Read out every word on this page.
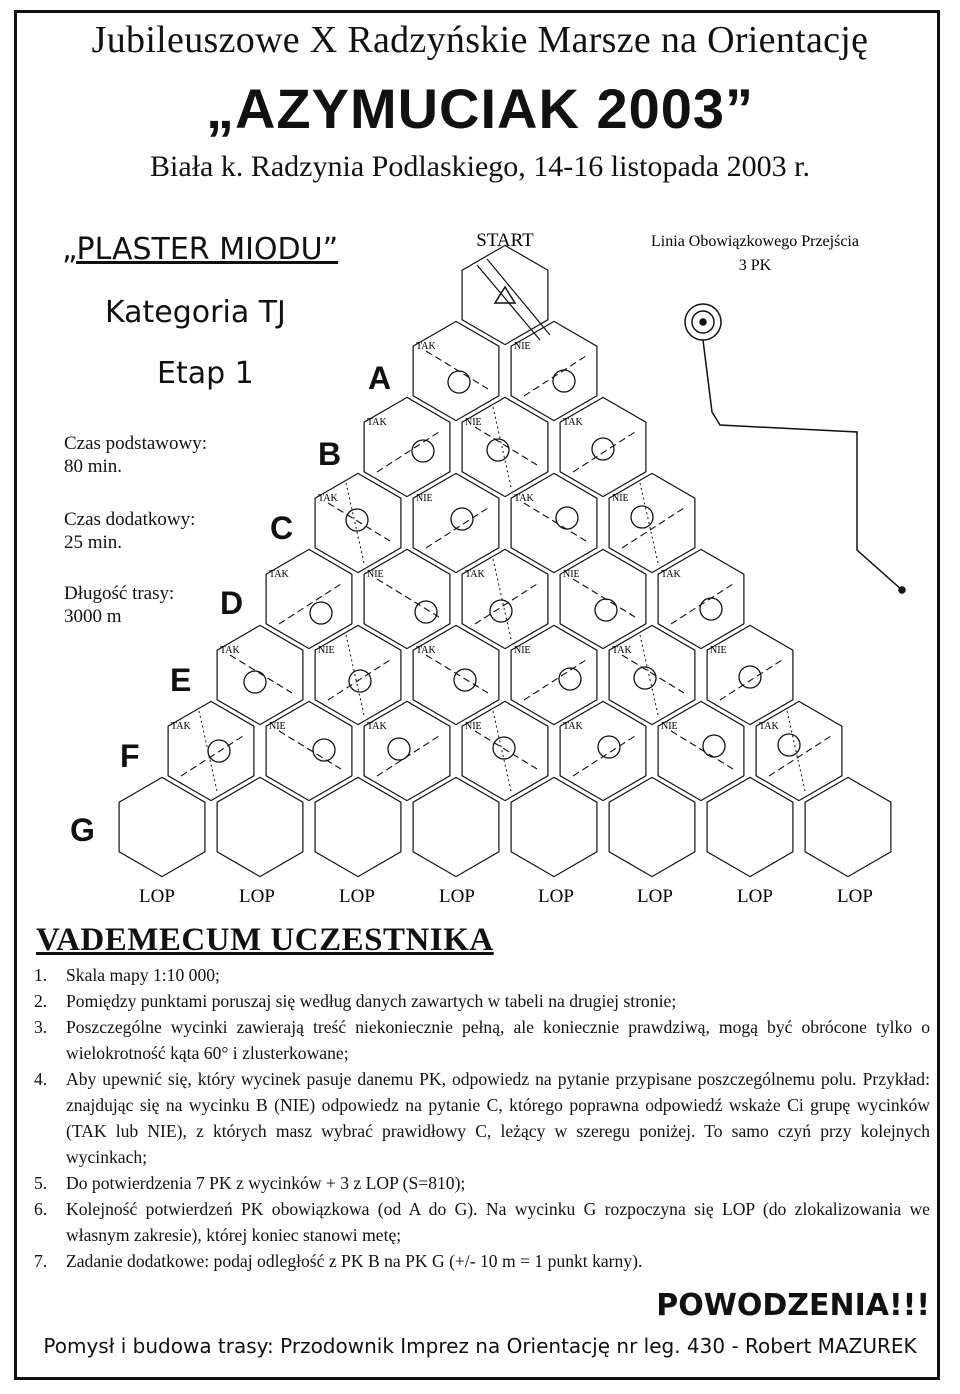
Jubileuszowe X Radzyńskie Marsze na Orientację
„AZYMUCIAK 2003”
Biała k. Radzynia Podlaskiego, 14-16 listopada 2003 r.
„PLASTER MIODU”
Kategoria TJ
Etap 1
Czas podstawowy:
80 min.
Czas dodatkowy:
25 min.
Długość trasy:
3000 m
A
B
C
D
E
F
G
START	Linia Obowiązkowego Przejścia
3 PK
TAK	NIE
TAK	NIE	TAK
TAK	NIE	TAK	NIE
TAK	NIE	TAK	NIE	TAK
TAK	NIE	TAK	NIE	TAK	NIE
TAK	NIE	TAK	NIE	TAK	NIE	TAK
LOP	LOP	LOP	LOP	LOP	LOP	LOP	LOP
VADEMECUM UCZESTNIKA
1. Skala mapy 1:10 000;
2. Pomiędzy punktami poruszaj się według danych zawartych w tabeli na drugiej stronie;
3. Poszczególne wycinki zawierają treść niekoniecznie pełną, ale koniecznie prawdziwą, mogą być obrócone tylko o wielokrotność kąta 60° i zlusterkowane;
4. Aby upewnić się, który wycinek pasuje danemu PK, odpowiedz na pytanie przypisane poszczególnemu polu. Przykład: znajdując się na wycinku B (NIE) odpowiedz na pytanie C, którego poprawna odpowiedź wskaże Ci grupę wycinków (TAK lub NIE), z których masz wybrać prawidłowy C, leżący w szeregu poniżej. To samo czyń przy kolejnych wycinkach;
5. Do potwierdzenia 7 PK z wycinków + 3 z LOP (S=810);
6. Kolejność potwierdzeń PK obowiązkowa (od A do G). Na wycinku G rozpoczyna się LOP (do zlokalizowania we własnym zakresie), której koniec stanowi metę;
7. Zadanie dodatkowe: podaj odległość z PK B na PK G (+/- 10 m = 1 punkt karny).
POWODZENIA!!!
Pomysł i budowa trasy: Przodownik Imprez na Orientację nr leg. 430 - Robert MAZUREK
